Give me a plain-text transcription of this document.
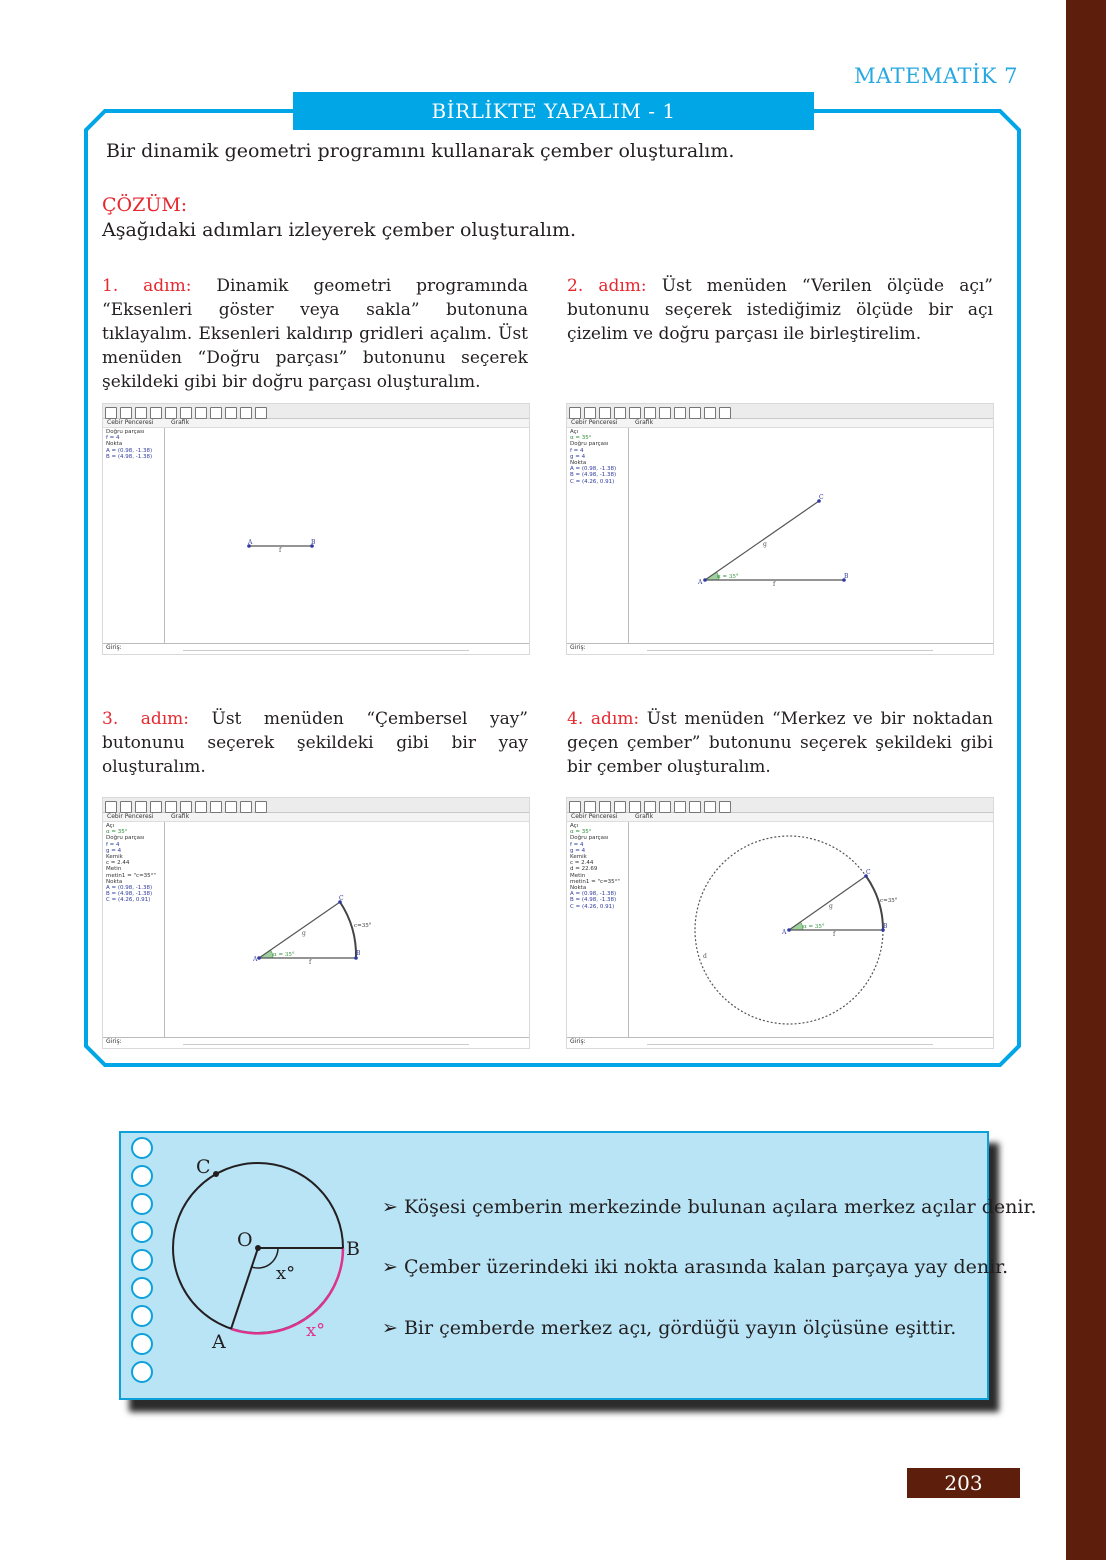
MATEMATİK 7
BİRLİKTE YAPALIM - 1
Bir dinamik geometri programını kullanarak çember oluşturalım.
ÇÖZÜM:
Aşağıdaki adımları izleyerek çember oluşturalım.
1. adım: Dinamik geometri programında “Eksenleri göster veya sakla” butonuna tıklayalım. Eksenleri kaldırıp gridleri açalım. Üst menüden “Doğru parçası” butonunu seçerek şekildeki gibi bir doğru parçası oluşturalım.
2. adım: Üst menüden “Verilen ölçüde açı” butonunu seçerek istediğimiz ölçüde bir açı çizelim ve doğru parçası ile birleştirelim.
3. adım: Üst menüden “Çembersel yay” butonunu seçerek şekildeki gibi bir yay oluşturalım.
4. adım: Üst menüden “Merkez ve bir noktadan geçen çember” butonunu seçerek şekildeki gibi bir çember oluşturalım.
Cebir Penceresi	Grafik
Doğru parçası
f = 4
Nokta
A = (0.98, -1.38)
B = (4.98, -1.38)
A	B
f
Giriş:
Cebir Penceresi	Grafik
Açı
α = 35°
Doğru parçası
f = 4
g = 4
Nokta
A = (0.98, -1.38)
B = (4.98, -1.38)
C = (4.26, 0.91)
A
B
C
f
g
α = 35°
Giriş:
Cebir Penceresi	Grafik
Açı
α = 35°
Doğru parçası
f = 4
g = 4
Kemik
c = 2.44
Metin
metin1 = "c=35°"
Nokta
A = (0.98, -1.38)
B = (4.98, -1.38)
C = (4.26, 0.91)
A
B
C
f
g
α = 35°
c=35°
Giriş:
Cebir Penceresi	Grafik
Açı
α = 35°
Doğru parçası
f = 4
g = 4
Kemik
c = 2.44
d = 22.69
Metin
metin1 = "c=35°"
Nokta
A = (0.98, -1.38)
B = (4.98, -1.38)
C = (4.26, 0.91)
A
B
C
f
g
α = 35°
c=35°
d
Giriş:
C
O	B
A
x°
x°
➢ Köşesi çemberin merkezinde bulunan açılara merkez açılar denir.
➢ Çember üzerindeki iki nokta arasında kalan parçaya yay denir.
➢ Bir çemberde merkez açı, gördüğü yayın ölçüsüne eşittir.
203
